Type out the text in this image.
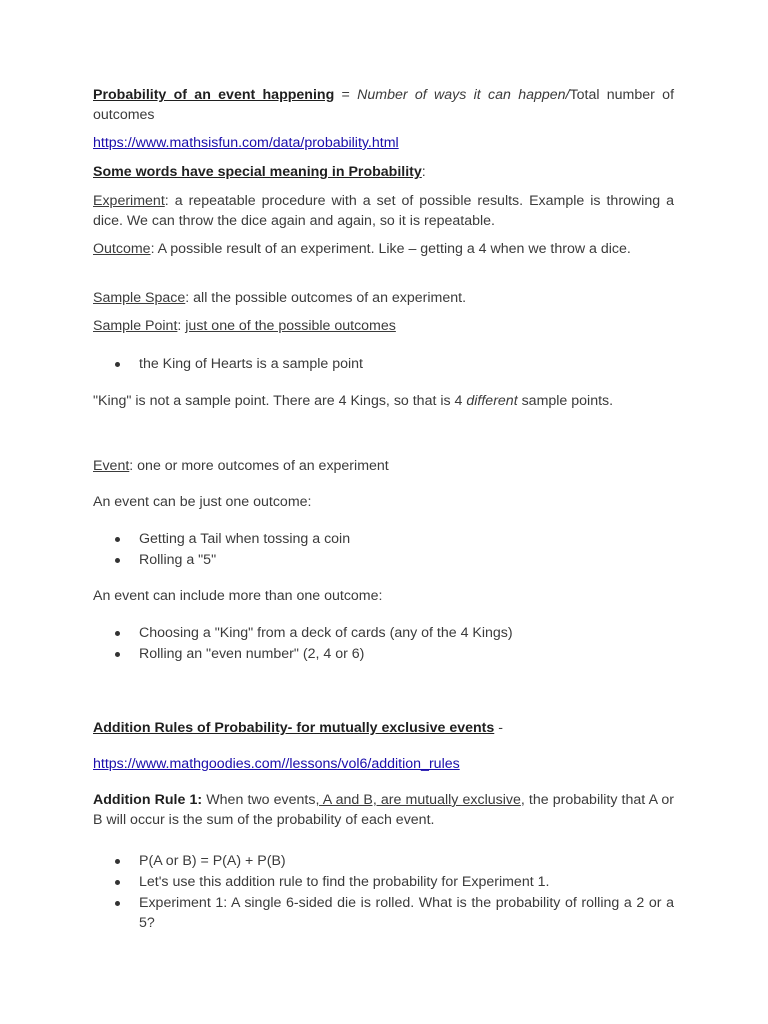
Probability of an event happening = Number of ways it can happen/Total number of outcomes

https://www.mathsisfun.com/data/probability.html

Some words have special meaning in Probability:

Experiment: a repeatable procedure with a set of possible results. Example is throwing a dice. We can throw the dice again and again, so it is repeatable.

Outcome: A possible result of an experiment. Like – getting a 4 when we throw a dice.

Sample Space: all the possible outcomes of an experiment.

Sample Point: just one of the possible outcomes

the King of Hearts is a sample point

"King" is not a sample point. There are 4 Kings, so that is 4 different sample points.

Event: one or more outcomes of an experiment

An event can be just one outcome:

Getting a Tail when tossing a coin
Rolling a "5"

An event can include more than one outcome:

Choosing a "King" from a deck of cards (any of the 4 Kings)
Rolling an "even number" (2, 4 or 6)

Addition Rules of Probability- for mutually exclusive events -

https://www.mathgoodies.com//lessons/vol6/addition_rules

Addition Rule 1: When two events, A and B, are mutually exclusive, the probability that A or B will occur is the sum of the probability of each event.

P(A or B) = P(A) + P(B)
Let's use this addition rule to find the probability for Experiment 1.
Experiment 1: A single 6-sided die is rolled. What is the probability of rolling a 2 or a 5?
